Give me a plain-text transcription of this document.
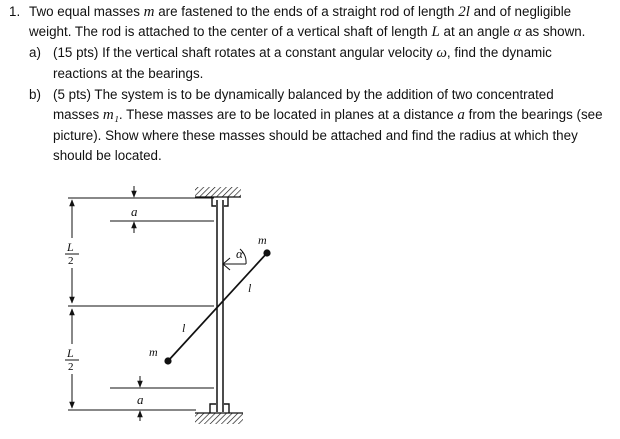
1. Two equal masses m are fastened to the ends of a straight rod of length 2l and of negligible
weight. The rod is attached to the center of a vertical shaft of length L at an angle α as shown.
a) (15 pts) If the vertical shaft rotates at a constant angular velocity ω, find the dynamic
reactions at the bearings.
b) (5 pts) The system is to be dynamically balanced by the addition of two concentrated
masses m₁. These masses are to be located in planes at a distance a from the bearings (see
picture). Show where these masses should be attached and find the radius at which they
should be located.
a
a
L
2
L
2
α
m
m
l
l
